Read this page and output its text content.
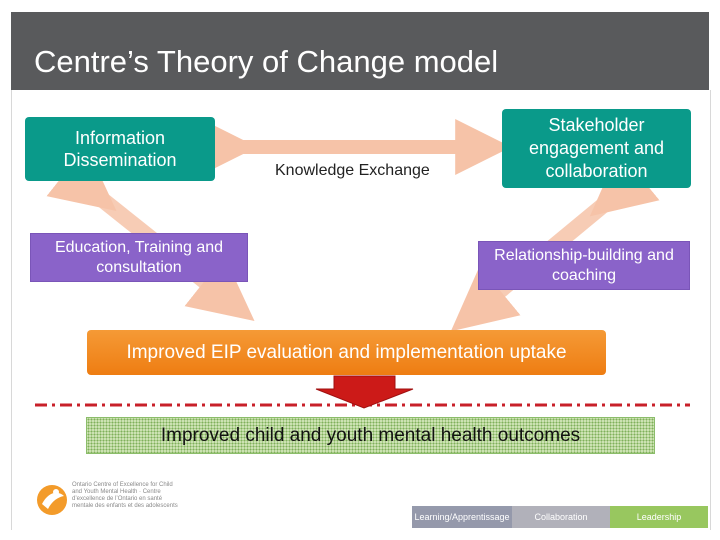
Centre’s Theory of Change model
Information Dissemination
Stakeholder engagement and collaboration
Knowledge Exchange
Education, Training and consultation
Relationship-building and coaching
Improved EIP evaluation and implementation uptake
Improved child and youth mental health outcomes
Ontario Centre of Excellence for Child and Youth Mental Health · Centre d’excellence de l’Ontario en santé mentale des enfants et des adolescents
Learning/Apprentissage	Collaboration	Leadership
